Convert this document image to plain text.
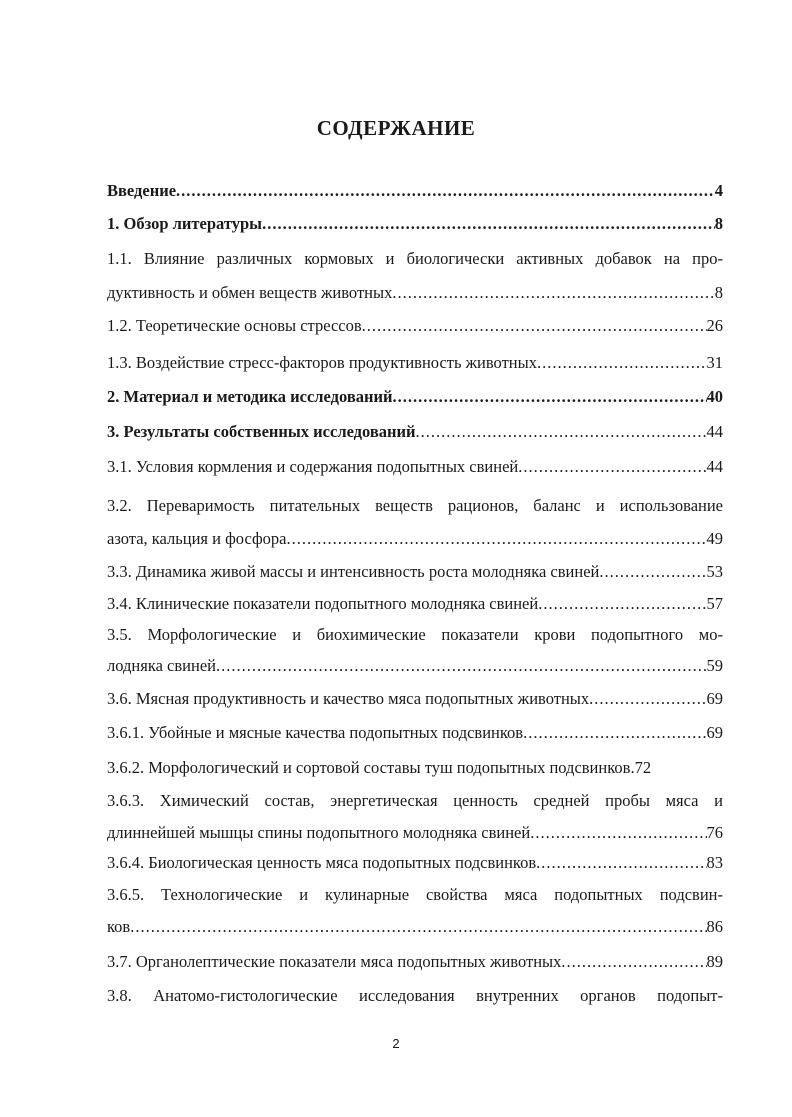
СОДЕРЖАНИЕ
Введение .....	4
1. Обзор литературы .....	8
1.1. Влияние различных кормовых и биологически активных добавок на про-
дуктивность и обмен веществ животных .....	8
1.2. Теоретические основы стрессов .....	26
1.3. Воздействие стресс-факторов продуктивность животных .....	31
2. Материал и методика исследований .....	40
3. Результаты собственных исследований .....	44
3.1. Условия кормления и содержания подопытных свиней .....	44
3.2. Переваримость питательных веществ рационов, баланс и использование
азота, кальция и фосфора .....	49
3.3. Динамика живой массы и интенсивность роста молодняка свиней .....	53
3.4. Клинические показатели подопытного молодняка свиней .....	57
3.5. Морфологические и биохимические показатели крови подопытного мо-
лодняка свиней .....	59
3.6. Мясная продуктивность и качество мяса подопытных животных .....	69
3.6.1. Убойные и мясные качества подопытных подсвинков .....	69
3.6.2. Морфологический и сортовой составы туш подопытных подсвинков. 72
3.6.3. Химический состав, энергетическая ценность средней пробы мяса и
длиннейшей мышцы спины подопытного молодняка свиней .....	76
3.6.4. Биологическая ценность мяса подопытных подсвинков .....	83
3.6.5. Технологические и кулинарные свойства мяса подопытных подсвин-
ков .....	86
3.7. Органолептические показатели мяса подопытных животных .....	89
3.8. Анатомо-гистологические исследования внутренних органов подопыт-
2
